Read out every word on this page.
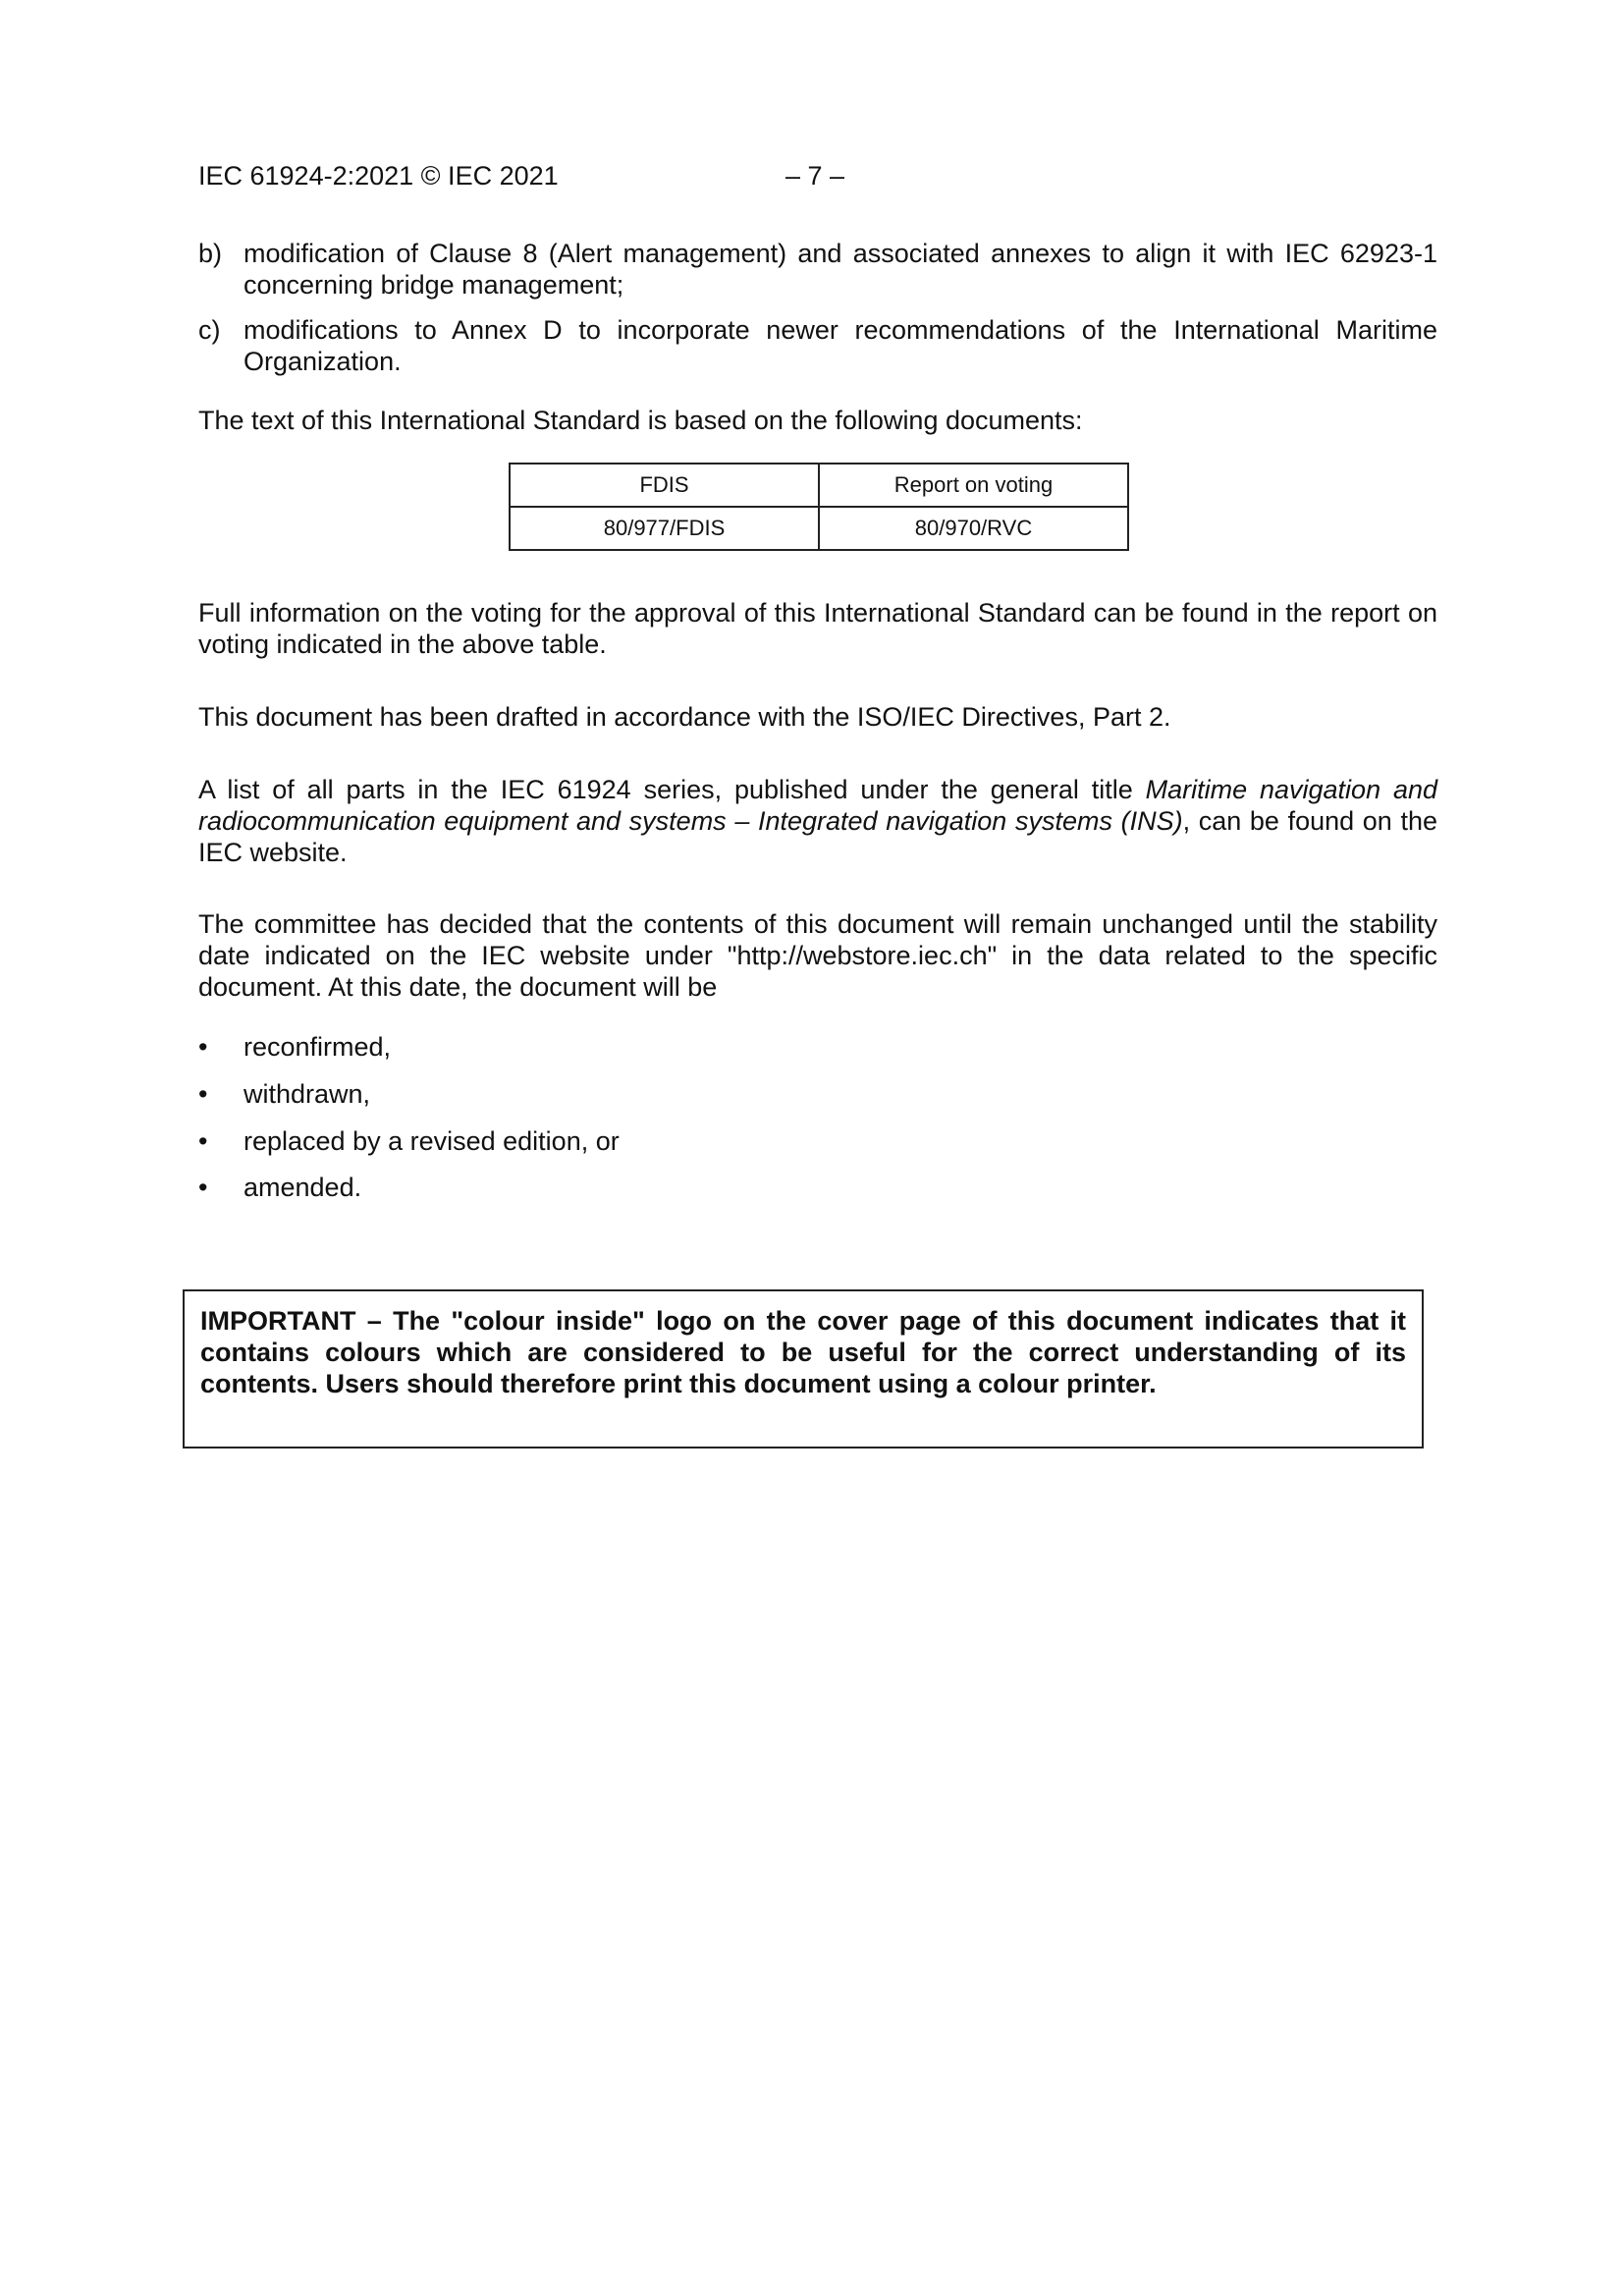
IEC 61924-2:2021 © IEC 2021	– 7 –
b) modification of Clause 8 (Alert management) and associated annexes to align it with IEC 62923-1 concerning bridge management;
c) modifications to Annex D to incorporate newer recommendations of the International Maritime Organization.
The text of this International Standard is based on the following documents:
FDIS	Report on voting
80/977/FDIS	80/970/RVC
Full information on the voting for the approval of this International Standard can be found in the report on voting indicated in the above table.
This document has been drafted in accordance with the ISO/IEC Directives, Part 2.
A list of all parts in the IEC 61924 series, published under the general title Maritime navigation and radiocommunication equipment and systems – Integrated navigation systems (INS), can be found on the IEC website.
The committee has decided that the contents of this document will remain unchanged until the stability date indicated on the IEC website under "http://webstore.iec.ch" in the data related to the specific document. At this date, the document will be
•	reconfirmed,
•	withdrawn,
•	replaced by a revised edition, or
•	amended.
IMPORTANT – The "colour inside" logo on the cover page of this document indicates that it contains colours which are considered to be useful for the correct understanding of its contents. Users should therefore print this document using a colour printer.
